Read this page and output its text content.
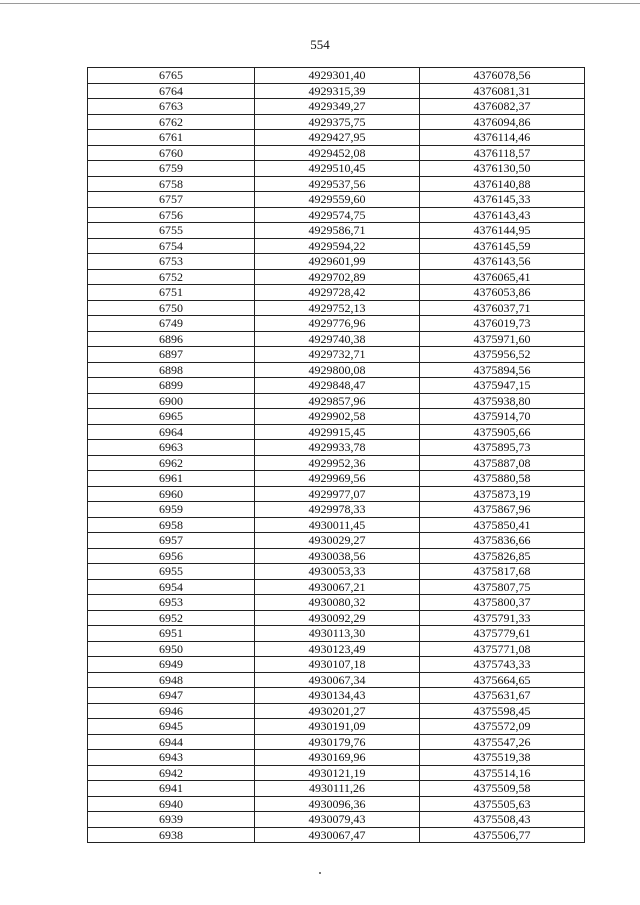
554
6765	4929301,40	4376078,56
6764	4929315,39	4376081,31
6763	4929349,27	4376082,37
6762	4929375,75	4376094,86
6761	4929427,95	4376114,46
6760	4929452,08	4376118,57
6759	4929510,45	4376130,50
6758	4929537,56	4376140,88
6757	4929559,60	4376145,33
6756	4929574,75	4376143,43
6755	4929586,71	4376144,95
6754	4929594,22	4376145,59
6753	4929601,99	4376143,56
6752	4929702,89	4376065,41
6751	4929728,42	4376053,86
6750	4929752,13	4376037,71
6749	4929776,96	4376019,73
6896	4929740,38	4375971,60
6897	4929732,71	4375956,52
6898	4929800,08	4375894,56
6899	4929848,47	4375947,15
6900	4929857,96	4375938,80
6965	4929902,58	4375914,70
6964	4929915,45	4375905,66
6963	4929933,78	4375895,73
6962	4929952,36	4375887,08
6961	4929969,56	4375880,58
6960	4929977,07	4375873,19
6959	4929978,33	4375867,96
6958	4930011,45	4375850,41
6957	4930029,27	4375836,66
6956	4930038,56	4375826,85
6955	4930053,33	4375817,68
6954	4930067,21	4375807,75
6953	4930080,32	4375800,37
6952	4930092,29	4375791,33
6951	4930113,30	4375779,61
6950	4930123,49	4375771,08
6949	4930107,18	4375743,33
6948	4930067,34	4375664,65
6947	4930134,43	4375631,67
6946	4930201,27	4375598,45
6945	4930191,09	4375572,09
6944	4930179,76	4375547,26
6943	4930169,96	4375519,38
6942	4930121,19	4375514,16
6941	4930111,26	4375509,58
6940	4930096,36	4375505,63
6939	4930079,43	4375508,43
6938	4930067,47	4375506,77
